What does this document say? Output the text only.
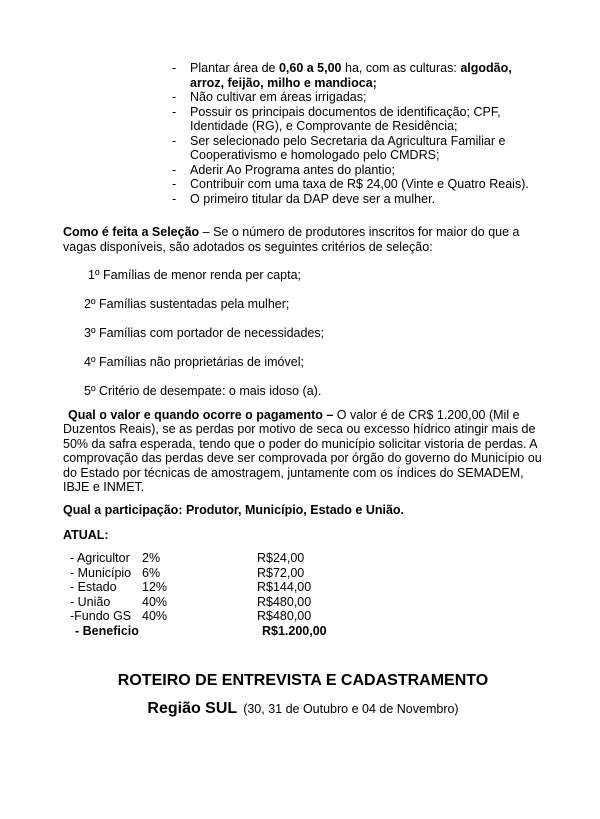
-	Plantar área de 0,60 a 5,00 ha, com as culturas: algodão, arroz, feijão, milho e mandioca;
-	Não cultivar em áreas irrigadas;
-	Possuir os principais documentos de identificação; CPF, Identidade (RG), e Comprovante de Residência;
-	Ser selecionado pelo Secretaria da Agricultura Familiar e Cooperativismo e homologado pelo CMDRS;
-	Aderir Ao Programa antes do plantio;
-	Contribuir com uma taxa de R$ 24,00 (Vinte e Quatro Reais).
-	O primeiro titular da DAP deve ser a mulher.

Como é feita a Seleção – Se o número de produtores inscritos for maior do que a vagas disponíveis, são adotados os seguintes critérios de seleção:

1º Famílias de menor renda per capta;
2º Famílias sustentadas pela mulher;
3º Famílias com portador de necessidades;
4º Famílias não proprietárias de imóvel;
5º Critério de desempate: o mais idoso (a).

Qual o valor e quando ocorre o pagamento – O valor é de CR$ 1.200,00 (Mil e Duzentos Reais), se as perdas por motivo de seca ou excesso hídrico atingir mais de 50% da safra esperada, tendo que o poder do município solicitar vistoria de perdas. A comprovação das perdas deve ser comprovada por órgão do governo do Município ou do Estado por técnicas de amostragem, juntamente com os índices do SEMADEM, IBJE e INMET.

Qual a participação: Produtor, Município, Estado e União.

ATUAL:

- Agricultor 2%	R$24,00
- Município 6%	R$72,00
- Estado	12%	R$144,00
- União	40%	R$480,00
-Fundo GS 40%	R$480,00
- Beneficio	R$1.200,00
ROTEIRO DE ENTREVISTA E CADASTRAMENTO
Região SUL (30, 31 de Outubro e 04 de Novembro)
